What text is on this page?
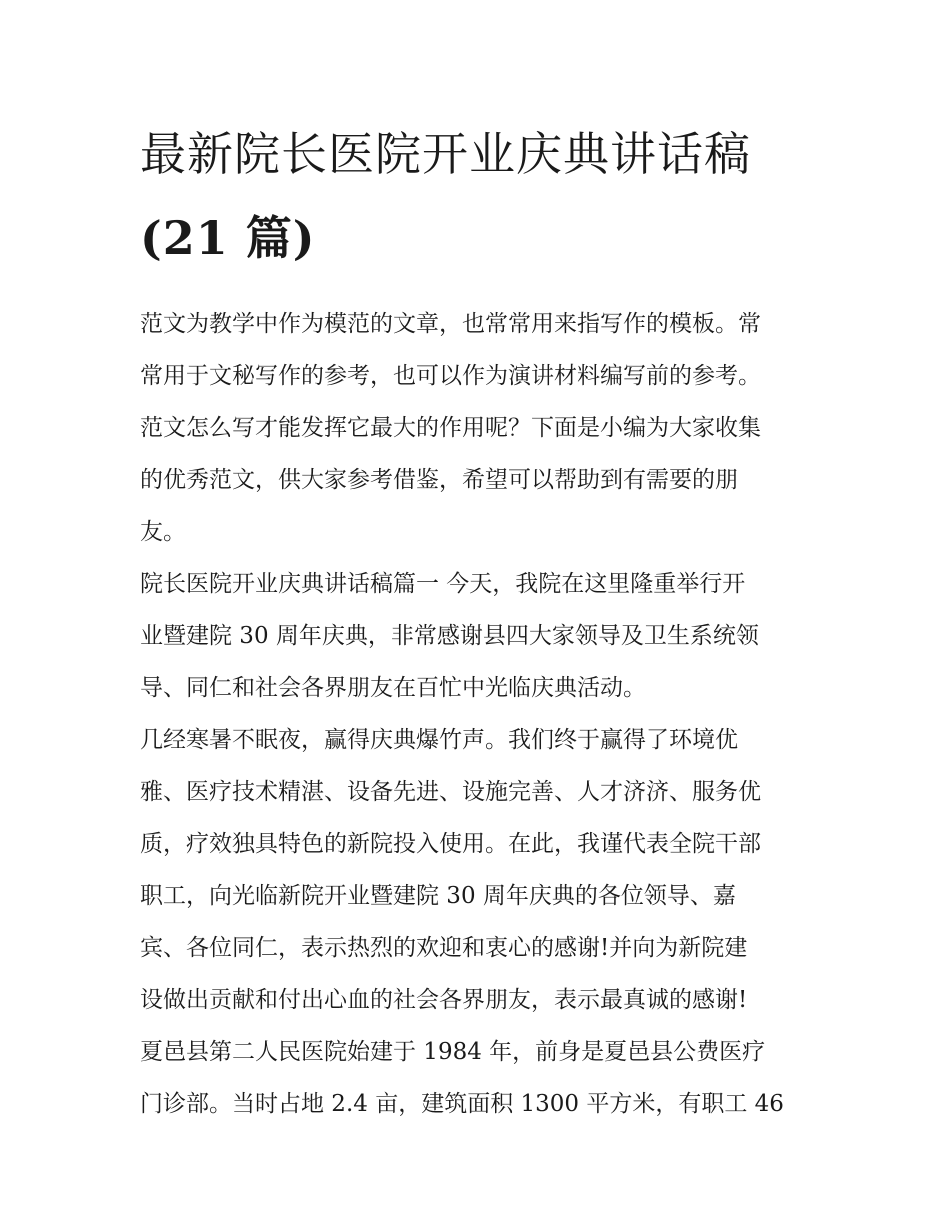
最新院长医院开业庆典讲话稿
(21 篇)

范文为教学中作为模范的文章，也常常用来指写作的模板。常
常用于文秘写作的参考，也可以作为演讲材料编写前的参考。
范文怎么写才能发挥它最大的作用呢？下面是小编为大家收集
的优秀范文，供大家参考借鉴，希望可以帮助到有需要的朋
友。

院长医院开业庆典讲话稿篇一 今天，我院在这里隆重举行开
业暨建院 30 周年庆典，非常感谢县四大家领导及卫生系统领
导、同仁和社会各界朋友在百忙中光临庆典活动。

几经寒暑不眠夜，赢得庆典爆竹声。我们终于赢得了环境优
雅、医疗技术精湛、设备先进、设施完善、人才济济、服务优
质，疗效独具特色的新院投入使用。在此，我谨代表全院干部
职工，向光临新院开业暨建院 30 周年庆典的各位领导、嘉
宾、各位同仁，表示热烈的欢迎和衷心的感谢!并向为新院建
设做出贡献和付出心血的社会各界朋友，表示最真诚的感谢!
夏邑县第二人民医院始建于 1984 年，前身是夏邑县公费医疗
门诊部。当时占地 2.4 亩，建筑面积 1300 平方米，有职工 46
